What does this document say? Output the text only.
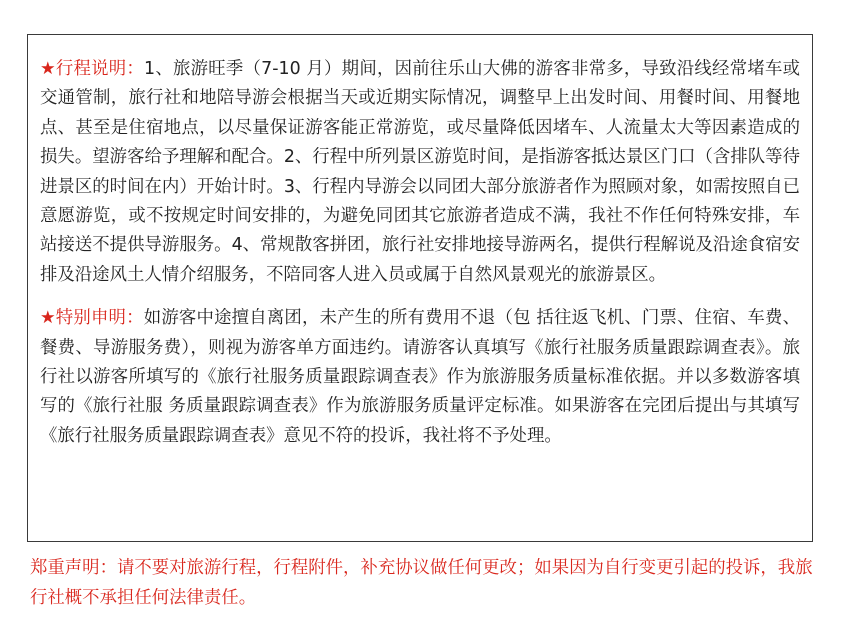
★行程说明：1、旅游旺季（7-10 月）期间，因前往乐山大佛的游客非常多，导致沿线经常堵车或交通管制，旅行社和地陪导游会根据当天或近期实际情况，调整早上出发时间、用餐时间、用餐地点、甚至是住宿地点，以尽量保证游客能正常游览，或尽量降低因堵车、人流量太大等因素造成的损失。望游客给予理解和配合。2、行程中所列景区游览时间，是指游客抵达景区门口（含排队等待进景区的时间在内）开始计时。3、行程内导游会以同团大部分旅游者作为照顾对象，如需按照自已意愿游览，或不按规定时间安排的，为避免同团其它旅游者造成不满，我社不作任何特殊安排，车站接送不提供导游服务。4、常规散客拼团，旅行社安排地接导游两名，提供行程解说及沿途食宿安排及沿途风土人情介绍服务，不陪同客人进入员或属于自然风景观光的旅游景区。

★特别申明：如游客中途擅自离团，未产生的所有费用不退（包 括往返飞机、门票、住宿、车费、餐费、导游服务费），则视为游客单方面违约。请游客认真填写《旅行社服务质量跟踪调查表》。旅行社以游客所填写的《旅行社服务质量跟踪调查表》作为旅游服务质量标准依据。并以多数游客填写的《旅行社服 务质量跟踪调查表》作为旅游服务质量评定标准。如果游客在完团后提出与其填写《旅行社服务质量跟踪调查表》意见不符的投诉，我社将不予处理。

郑重声明：请不要对旅游行程，行程附件，补充协议做任何更改；如果因为自行变更引起的投诉，我旅行社概不承担任何法律责任。
